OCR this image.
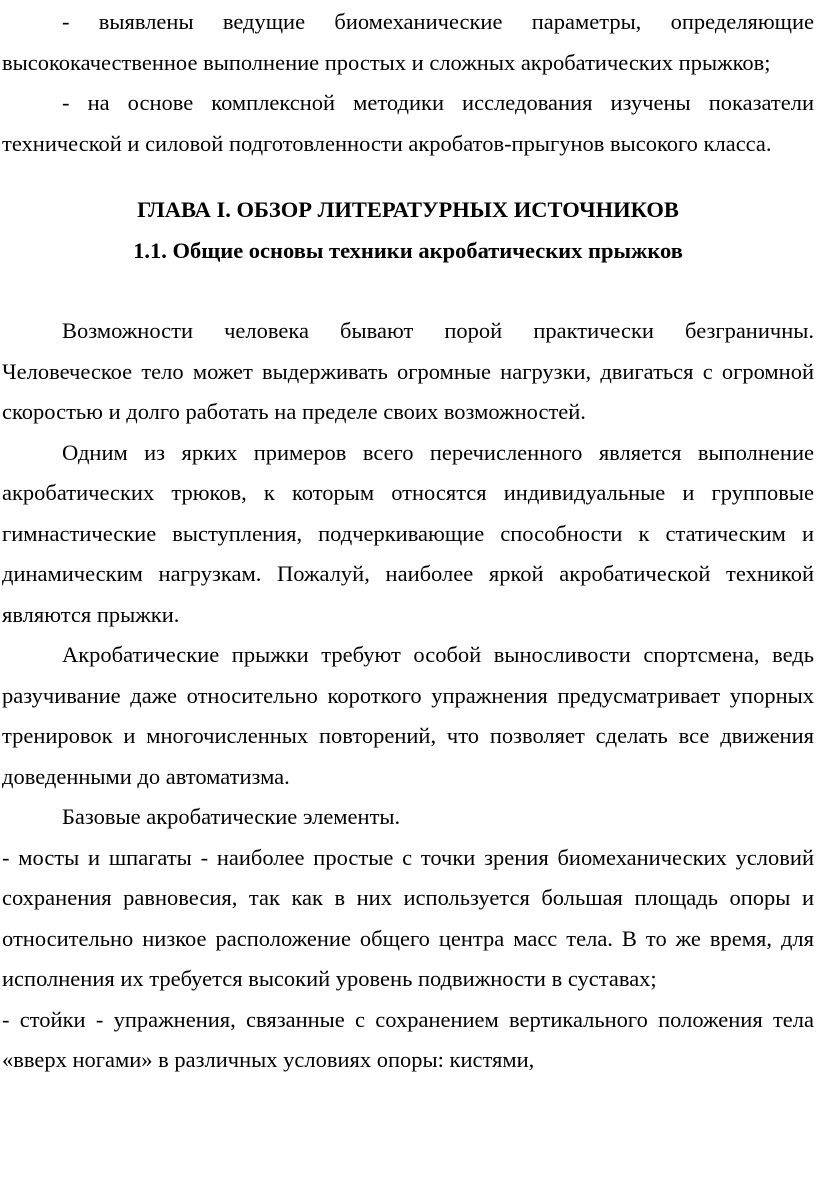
- выявлены ведущие биомеханические параметры, определяющие высококачественное выполнение простых и сложных акробатических прыжков;

- на основе комплексной методики исследования изучены показатели технической и силовой подготовленности акробатов-прыгунов высокого класса.

ГЛАВА I. ОБЗОР ЛИТЕРАТУРНЫХ ИСТОЧНИКОВ
1.1. Общие основы техники акробатических прыжков

Возможности человека бывают порой практически безграничны. Человеческое тело может выдерживать огромные нагрузки, двигаться с огромной скоростью и долго работать на пределе своих возможностей.

Одним из ярких примеров всего перечисленного является выполнение акробатических трюков, к которым относятся индивидуальные и групповые гимнастические выступления, подчеркивающие способности к статическим и динамическим нагрузкам. Пожалуй, наиболее яркой акробатической техникой являются прыжки.

Акробатические прыжки требуют особой выносливости спортсмена, ведь разучивание даже относительно короткого упражнения предусматривает упорных тренировок и многочисленных повторений, что позволяет сделать все движения доведенными до автоматизма.

Базовые акробатические элементы.

- мосты и шпагаты - наиболее простые с точки зрения биомеханических условий сохранения равновесия, так как в них используется большая площадь опоры и относительно низкое расположение общего центра масс тела. В то же время, для исполнения их требуется высокий уровень подвижности в суставах;

- стойки - упражнения, связанные с сохранением вертикального положения тела «вверх ногами» в различных условиях опоры: кистями,
